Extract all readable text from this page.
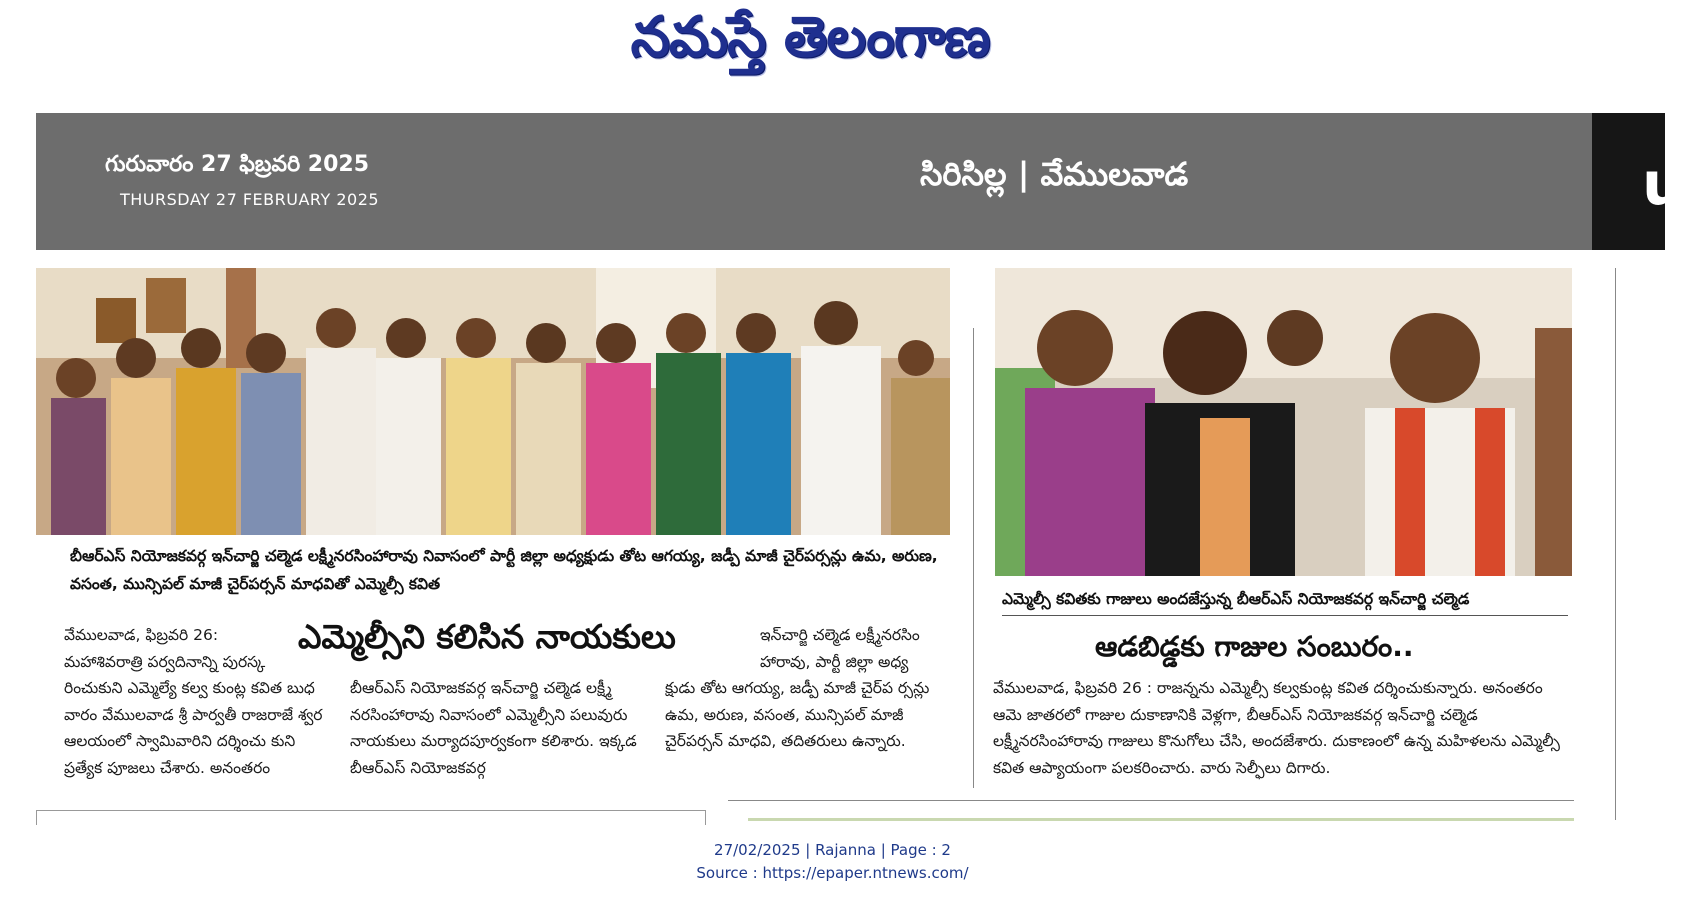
నమస్తే తెలంగాణ
u
గురువారం 27 ఫిబ్రవరి 2025
THURSDAY 27 FEBRUARY 2025
సిరిసిల్ల | వేములవాడ
బీఆర్ఎస్ నియోజకవర్గ ఇన్‌చార్జి చల్మెడ లక్ష్మీనరసింహారావు నివాసంలో పార్టీ జిల్లా అధ్యక్షుడు తోట ఆగయ్య, జడ్పీ మాజీ చైర్‌పర్సన్లు ఉమ, అరుణ, వసంత, మున్సిపల్ మాజీ చైర్‌పర్సన్ మాధవితో ఎమ్మెల్సీ కవిత
ఎమ్మెల్సీ కవితకు గాజులు అందజేస్తున్న బీఆర్ఎస్ నియోజకవర్గ ఇన్‌చార్జి చల్మెడ
ఎమ్మెల్సీని కలిసిన నాయకులు	ఆడబిడ్డకు గాజుల సంబురం..
వేములవాడ, ఫిబ్రవరి 26: మహాశివరాత్రి పర్వదినాన్ని పురస్క
రించుకుని ఎమ్మెల్యే కల్వ కుంట్ల కవిత బుధ వారం వేములవాడ శ్రీ పార్వతీ రాజరాజే శ్వర ఆలయంలో స్వామివారిని దర్శించు కుని ప్రత్యేక పూజలు చేశారు. అనంతరం
బీఆర్ఎస్ నియోజకవర్గ ఇన్‌చార్జి చల్మెడ లక్ష్మీ నరసింహారావు నివాసంలో ఎమ్మెల్సీని పలువురు నాయకులు మర్యాదపూర్వకంగా కలిశారు. ఇక్కడ బీఆర్ఎస్ నియోజకవర్గ
ఇన్‌చార్జి చల్మెడ లక్ష్మీనరసిం హారావు, పార్టీ జిల్లా అధ్య
క్షుడు తోట ఆగయ్య, జడ్పీ మాజీ చైర్‌ప ర్సన్లు ఉమ, అరుణ, వసంత, మున్సిపల్ మాజీ చైర్‌పర్సన్ మాధవి, తదితరులు ఉన్నారు.
వేములవాడ, ఫిబ్రవరి 26 : రాజన్నను ఎమ్మెల్సీ కల్వకుంట్ల కవిత దర్శించుకున్నారు. అనంతరం ఆమె జాతరలో గాజుల దుకాణానికి వెళ్లగా, బీఆర్ఎస్ నియోజకవర్గ ఇన్‌చార్జి చల్మెడ లక్ష్మీనరసింహారావు గాజులు కొనుగోలు చేసి, అందజేశారు. దుకాణంలో ఉన్న మహిళలను ఎమ్మెల్సీ కవిత ఆప్యాయంగా పలకరించారు. వారు సెల్ఫీలు దిగారు.
27/02/2025 | Rajanna | Page : 2
Source : https://epaper.ntnews.com/
